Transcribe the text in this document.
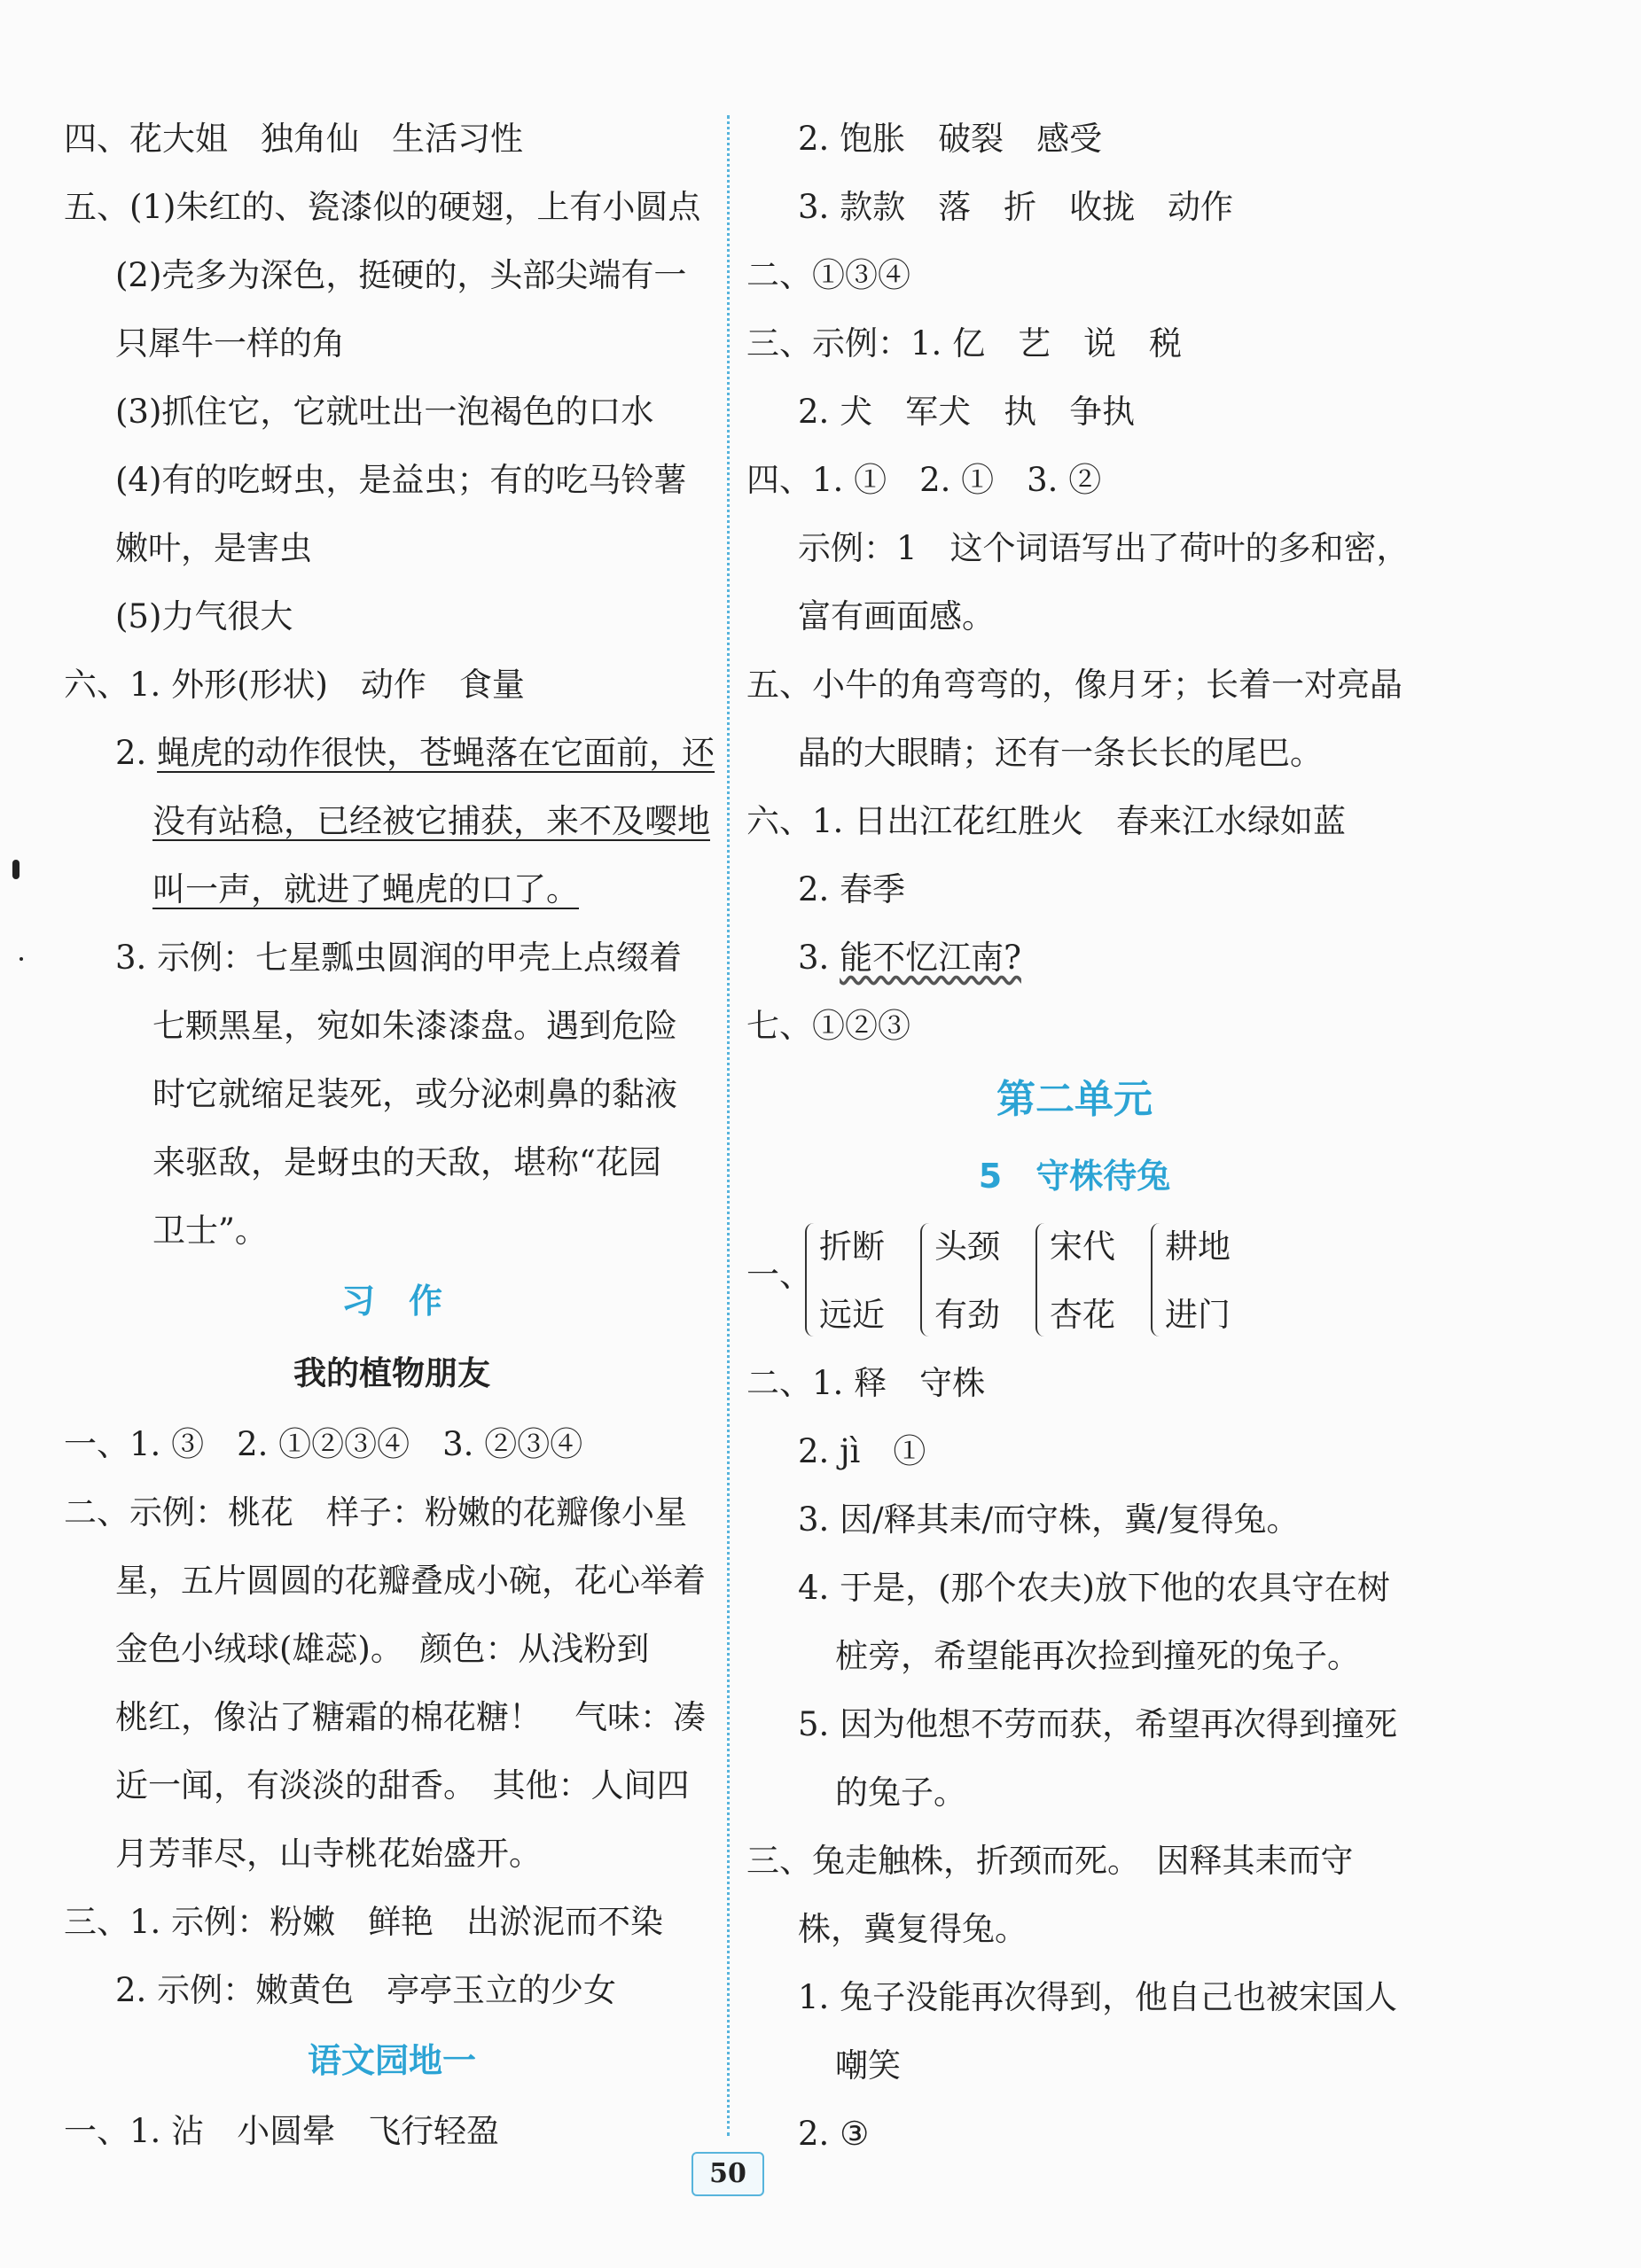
四、花大姐　独角仙　生活习性
五、(1)朱红的、瓷漆似的硬翅，上有小圆点
(2)壳多为深色，挺硬的，头部尖端有一
只犀牛一样的角
(3)抓住它，它就吐出一泡褐色的口水
(4)有的吃蚜虫，是益虫；有的吃马铃薯
嫩叶，是害虫
(5)力气很大
六、1. 外形(形状)　动作　食量
2. 蝇虎的动作很快，苍蝇落在它面前，还
没有站稳，已经被它捕获，来不及嘤地
叫一声，就进了蝇虎的口了。
3. 示例：七星瓢虫圆润的甲壳上点缀着
七颗黑星，宛如朱漆漆盘。遇到危险
时它就缩足装死，或分泌刺鼻的黏液
来驱敌，是蚜虫的天敌，堪称“花园
卫士”。
习　作
我的植物朋友
一、1. ③　2. ①②③④　3. ②③④
二、示例：桃花　样子：粉嫩的花瓣像小星
星，五片圆圆的花瓣叠成小碗，花心举着
金色小绒球(雄蕊)。　颜色：从浅粉到
桃红，像沾了糖霜的棉花糖！　气味：凑
近一闻，有淡淡的甜香。　其他：人间四
月芳菲尽，山寺桃花始盛开。
三、1. 示例：粉嫩　鲜艳　出淤泥而不染
2. 示例：嫩黄色　亭亭玉立的少女
语文园地一
一、1. 沾　小圆晕　飞行轻盈
2. 饱胀　破裂　感受
3. 款款　落　折　收拢　动作
二、①③④
三、示例：1. 亿　艺　说　税
2. 犬　军犬　执　争执
四、1. ①　2. ①　3. ②
示例：1　这个词语写出了荷叶的多和密，
富有画面感。
五、小牛的角弯弯的，像月牙；长着一对亮晶
晶的大眼睛；还有一条长长的尾巴。
六、1. 日出江花红胜火　春来江水绿如蓝
2. 春季
3. 能不忆江南?
七、①②③
第二单元
5　守株待兔
一、
折断
远近
头颈
有劲
宋代
杏花
耕地
进门
二、1. 释　守株
2. jì　①
3. 因/释其耒/而守株，冀/复得兔。
4. 于是，(那个农夫)放下他的农具守在树
桩旁，希望能再次捡到撞死的兔子。
5. 因为他想不劳而获，希望再次得到撞死
的兔子。
三、兔走触株，折颈而死。　因释其耒而守
株，冀复得兔。
1. 兔子没能再次得到，他自己也被宋国人
嘲笑
2. ③
50
